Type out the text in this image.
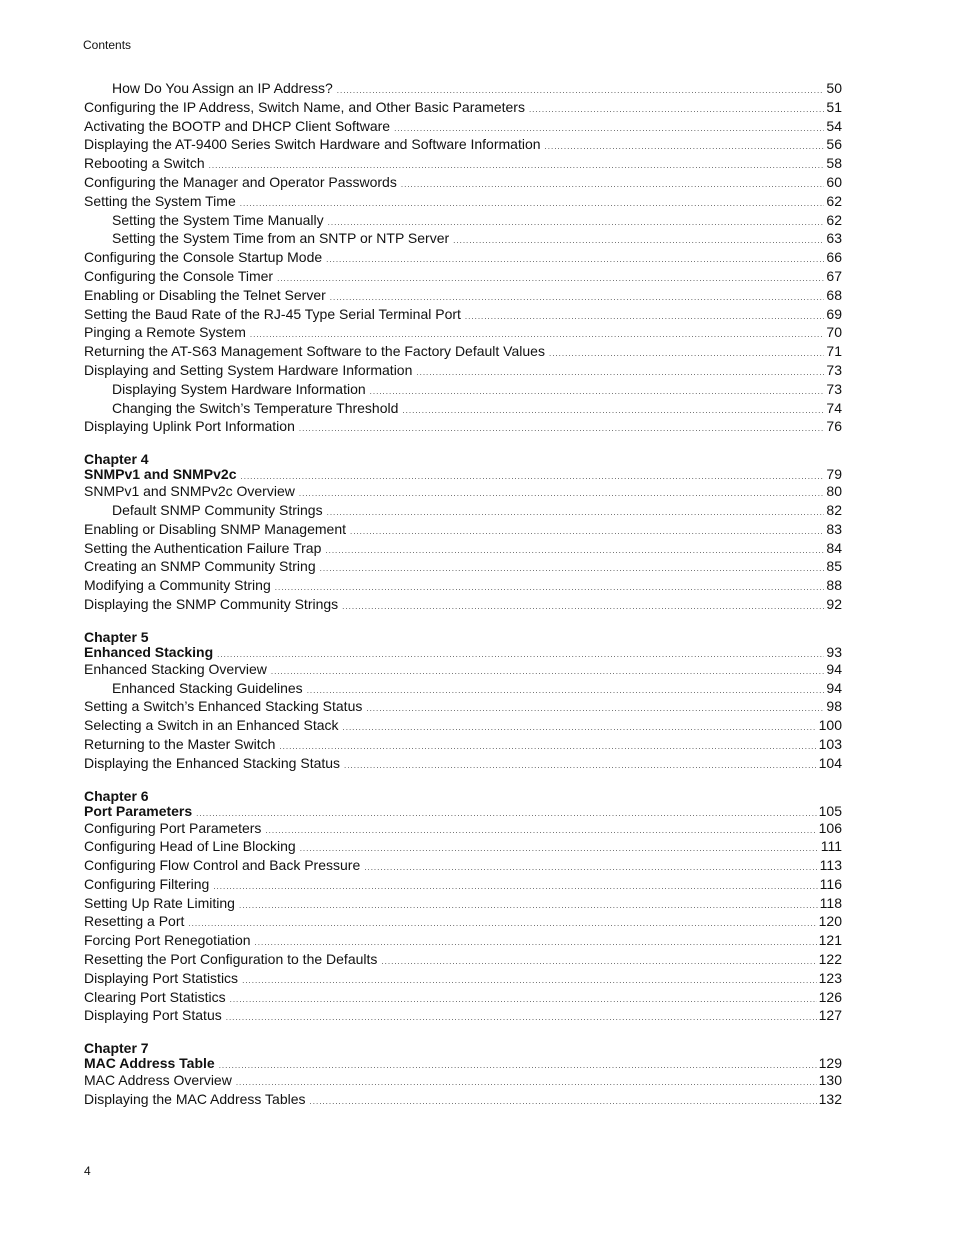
Contents
How Do You Assign an IP Address? .....	50
Configuring the IP Address, Switch Name, and Other Basic Parameters .....	51
Activating the BOOTP and DHCP Client Software .....	54
Displaying the AT-9400 Series Switch Hardware and Software Information .....	56
Rebooting a Switch .....	58
Configuring the Manager and Operator Passwords .....	60
Setting the System Time .....	62
Setting the System Time Manually .....	62
Setting the System Time from an SNTP or NTP Server .....	63
Configuring the Console Startup Mode .....	66
Configuring the Console Timer .....	67
Enabling or Disabling the Telnet Server .....	68
Setting the Baud Rate of the RJ-45 Type Serial Terminal Port .....	69
Pinging a Remote System .....	70
Returning the AT-S63 Management Software to the Factory Default Values .....	71
Displaying and Setting System Hardware Information .....	73
Displaying System Hardware Information .....	73
Changing the Switch’s Temperature Threshold .....	74
Displaying Uplink Port Information .....	76
Chapter 4
SNMPv1 and SNMPv2c .....	79
SNMPv1 and SNMPv2c Overview .....	80
Default SNMP Community Strings .....	82
Enabling or Disabling SNMP Management .....	83
Setting the Authentication Failure Trap .....	84
Creating an SNMP Community String .....	85
Modifying a Community String .....	88
Displaying the SNMP Community Strings .....	92
Chapter 5
Enhanced Stacking .....	93
Enhanced Stacking Overview .....	94
Enhanced Stacking Guidelines .....	94
Setting a Switch’s Enhanced Stacking Status .....	98
Selecting a Switch in an Enhanced Stack .....	100
Returning to the Master Switch .....	103
Displaying the Enhanced Stacking Status .....	104
Chapter 6
Port Parameters .....	105
Configuring Port Parameters .....	106
Configuring Head of Line Blocking .....	111
Configuring Flow Control and Back Pressure .....	113
Configuring Filtering .....	116
Setting Up Rate Limiting .....	118
Resetting a Port .....	120
Forcing Port Renegotiation .....	121
Resetting the Port Configuration to the Defaults .....	122
Displaying Port Statistics .....	123
Clearing Port Statistics .....	126
Displaying Port Status .....	127
Chapter 7
MAC Address Table .....	129
MAC Address Overview .....	130
Displaying the MAC Address Tables .....	132
4
